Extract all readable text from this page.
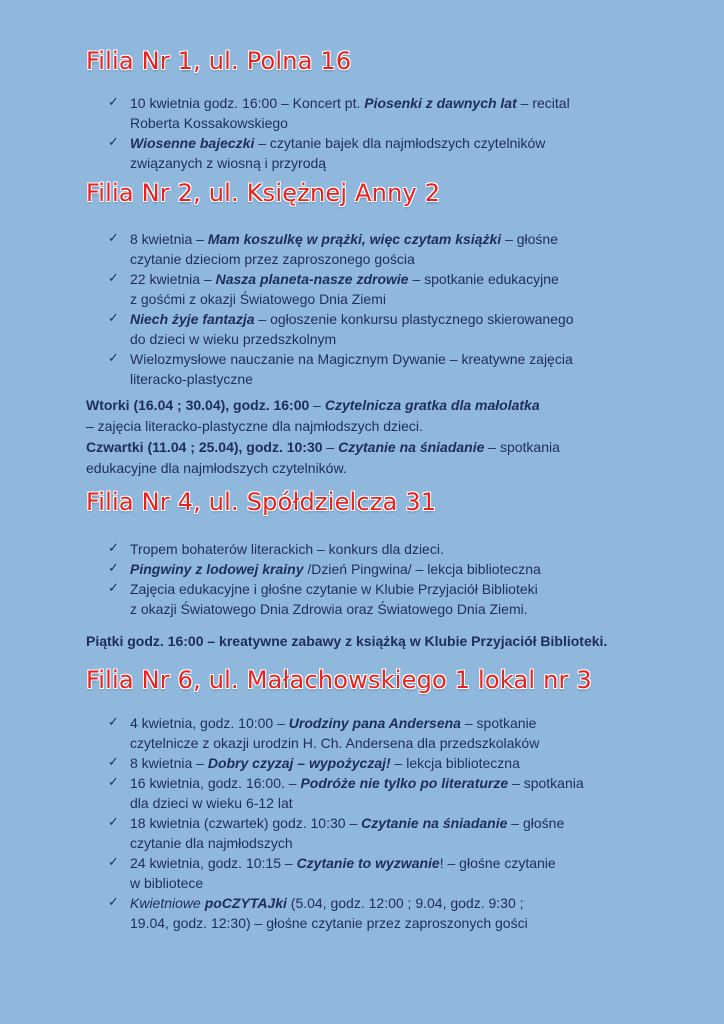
Filia Nr 1, ul. Polna 16
✓ 10 kwietnia godz. 16:00 – Koncert pt. Piosenki z dawnych lat – recital
Roberta Kossakowskiego
✓ Wiosenne bajeczki – czytanie bajek dla najmłodszych czytelników
związanych z wiosną i przyrodą
Filia Nr 2, ul. Księżnej Anny 2
✓ 8 kwietnia – Mam koszulkę w prążki, więc czytam książki – głośne
czytanie dzieciom przez zaproszonego gościa
✓ 22 kwietnia – Nasza planeta-nasze zdrowie – spotkanie edukacyjne
z gośćmi z okazji Światowego Dnia Ziemi
✓ Niech żyje fantazja – ogłoszenie konkursu plastycznego skierowanego
do dzieci w wieku przedszkolnym
✓ Wielozmysłowe nauczanie na Magicznym Dywanie – kreatywne zajęcia
literacko-plastyczne

Wtorki (16.04 ; 30.04), godz. 16:00 – Czytelnicza gratka dla małolatka
– zajęcia literacko-plastyczne dla najmłodszych dzieci.

Czwartki (11.04 ; 25.04), godz. 10:30 – Czytanie na śniadanie – spotkania
edukacyjne dla najmłodszych czytelników.

Filia Nr 4, ul. Spółdzielcza 31
✓ Tropem bohaterów literackich – konkurs dla dzieci.
✓ Pingwiny z lodowej krainy /Dzień Pingwina/ – lekcja biblioteczna
✓ Zajęcia edukacyjne i głośne czytanie w Klubie Przyjaciół Biblioteki
z okazji Światowego Dnia Zdrowia oraz Światowego Dnia Ziemi.

Piątki godz. 16:00 – kreatywne zabawy z książką w Klubie Przyjaciół Biblioteki.

Filia Nr 6, ul. Małachowskiego 1 lokal nr 3
✓ 4 kwietnia, godz. 10:00 – Urodziny pana Andersena – spotkanie
czytelnicze z okazji urodzin H. Ch. Andersena dla przedszkolaków
✓ 8 kwietnia – Dobry czyzaj – wypożyczaj! – lekcja biblioteczna
✓ 16 kwietnia, godz. 16:00. – Podróże nie tylko po literaturze – spotkania
dla dzieci w wieku 6-12 lat
✓ 18 kwietnia (czwartek) godz. 10:30 – Czytanie na śniadanie – głośne
czytanie dla najmłodszych
✓ 24 kwietnia, godz. 10:15 – Czytanie to wyzwanie! – głośne czytanie
w bibliotece
✓ Kwietniowe poCZYTAJki (5.04, godz. 12:00 ; 9.04, godz. 9:30 ;
19.04, godz. 12:30) – głośne czytanie przez zaproszonych gości
